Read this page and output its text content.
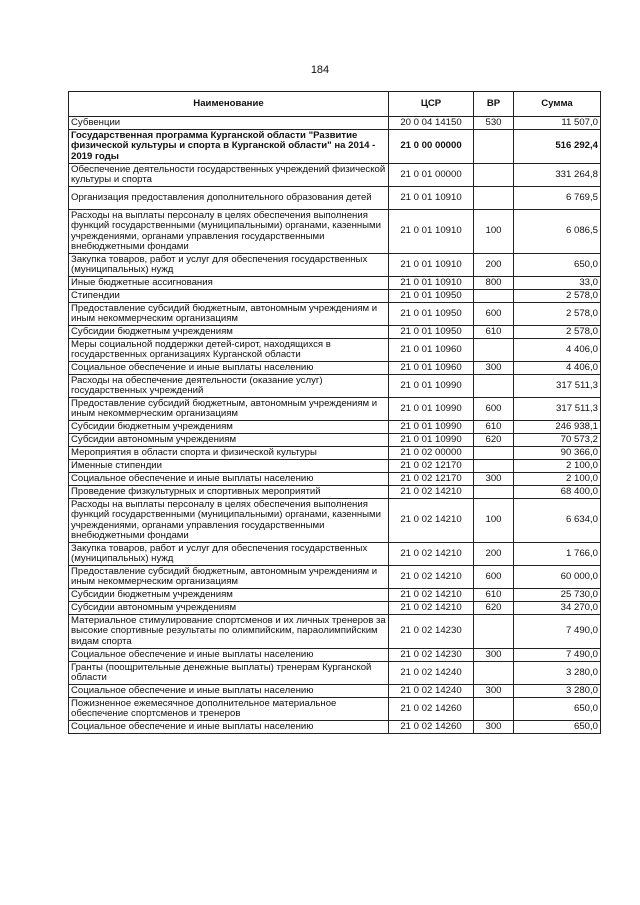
184
Наименование	ЦСР	ВР	Сумма
Субвенции	20 0 04 14150	530	11 507,0
Государственная программа Курганской области "Развитие физической культуры и спорта в Курганской области" на 2014 - 2019 годы	21 0 00 00000		516 292,4
Обеспечение деятельности государственных учреждений физической культуры и спорта	21 0 01 00000		331 264,8
Организация предоставления дополнительного образования детей	21 0 01 10910		6 769,5
Расходы на выплаты персоналу в целях обеспечения выполнения функций государственными (муниципальными) органами, казенными учреждениями, органами управления государственными внебюджетными фондами	21 0 01 10910	100	6 086,5
Закупка товаров, работ и услуг для обеспечения государственных (муниципальных) нужд	21 0 01 10910	200	650,0
Иные бюджетные ассигнования	21 0 01 10910	800	33,0
Стипендии	21 0 01 10950		2 578,0
Предоставление субсидий бюджетным, автономным учреждениям и иным некоммерческим организациям	21 0 01 10950	600	2 578,0
Субсидии бюджетным учреждениям	21 0 01 10950	610	2 578,0
Меры социальной поддержки детей-сирот, находящихся в государственных организациях Курганской области	21 0 01 10960		4 406,0
Социальное обеспечение и иные выплаты населению	21 0 01 10960	300	4 406,0
Расходы на обеспечение деятельности (оказание услуг) государственных учреждений	21 0 01 10990		317 511,3
Предоставление субсидий бюджетным, автономным учреждениям и иным некоммерческим организациям	21 0 01 10990	600	317 511,3
Субсидии бюджетным учреждениям	21 0 01 10990	610	246 938,1
Субсидии автономным учреждениям	21 0 01 10990	620	70 573,2
Мероприятия в области спорта и физической культуры	21 0 02 00000		90 366,0
Именные стипендии	21 0 02 12170		2 100,0
Социальное обеспечение и иные выплаты населению	21 0 02 12170	300	2 100,0
Проведение физкультурных и спортивных мероприятий	21 0 02 14210		68 400,0
Расходы на выплаты персоналу в целях обеспечения выполнения функций государственными (муниципальными) органами, казенными учреждениями, органами управления государственными внебюджетными фондами	21 0 02 14210	100	6 634,0
Закупка товаров, работ и услуг для обеспечения государственных (муниципальных) нужд	21 0 02 14210	200	1 766,0
Предоставление субсидий бюджетным, автономным учреждениям и иным некоммерческим организациям	21 0 02 14210	600	60 000,0
Субсидии бюджетным учреждениям	21 0 02 14210	610	25 730,0
Субсидии автономным учреждениям	21 0 02 14210	620	34 270,0
Материальное стимулирование спортсменов и их личных тренеров за высокие спортивные результаты по олимпийским, параолимпийским видам спорта	21 0 02 14230		7 490,0
Социальное обеспечение и иные выплаты населению	21 0 02 14230	300	7 490,0
Гранты (поощрительные денежные выплаты) тренерам Курганской области	21 0 02 14240		3 280,0
Социальное обеспечение и иные выплаты населению	21 0 02 14240	300	3 280,0
Пожизненное ежемесячное дополнительное материальное обеспечение спортсменов и тренеров	21 0 02 14260		650,0
Социальное обеспечение и иные выплаты населению	21 0 02 14260	300	650,0
